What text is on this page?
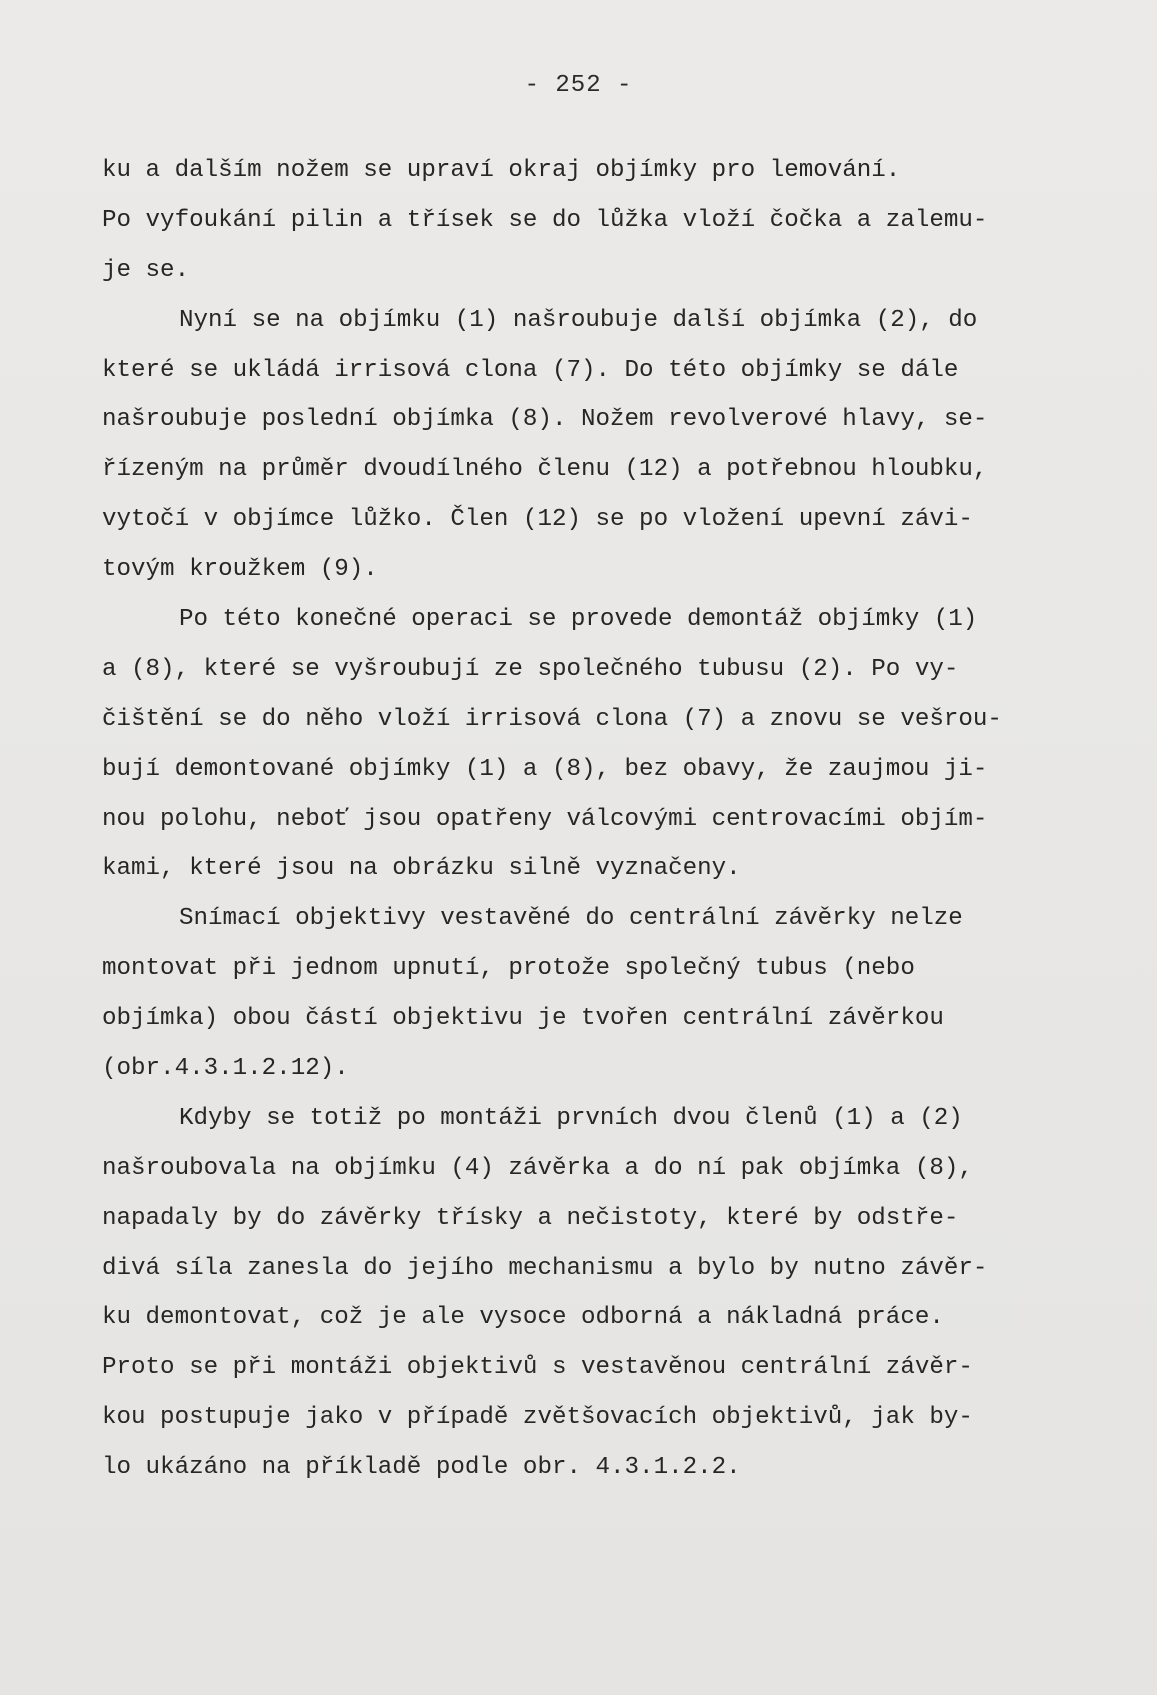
- 252 -
ku a dalším nožem se upraví okraj objímky pro lemování.
Po vyfoukání pilin a třísek se do lůžka vloží čočka a zalemu-
je se.
Nyní se na objímku (1) našroubuje další objímka (2), do
které se ukládá irrisová clona (7). Do této objímky se dále
našroubuje poslední objímka (8). Nožem revolverové hlavy, se-
řízeným na průměr dvoudílného členu (12) a potřebnou hloubku,
vytočí v objímce lůžko. Člen (12) se po vložení upevní závi-
tovým kroužkem (9).
Po této konečné operaci se provede demontáž objímky (1)
a (8), které se vyšroubují ze společného tubusu (2). Po vy-
čištění se do něho vloží irrisová clona (7) a znovu se vešrou-
bují demontované objímky (1) a (8), bez obavy, že zaujmou ji-
nou polohu, neboť jsou opatřeny válcovými centrovacími objím-
kami, které jsou na obrázku silně vyznačeny.
Snímací objektivy vestavěné do centrální závěrky nelze
montovat při jednom upnutí, protože společný tubus (nebo
objímka) obou částí objektivu je tvořen centrální závěrkou
(obr.4.3.1.2.12).
Kdyby se totiž po montáži prvních dvou členů (1) a (2)
našroubovala na objímku (4) závěrka a do ní pak objímka (8),
napadaly by do závěrky třísky a nečistoty, které by odstře-
divá síla zanesla do jejího mechanismu a bylo by nutno závěr-
ku demontovat, což je ale vysoce odborná a nákladná práce.
Proto se při montáži objektivů s vestavěnou centrální závěr-
kou postupuje jako v případě zvětšovacích objektivů, jak by-
lo ukázáno na příkladě podle obr. 4.3.1.2.2.
